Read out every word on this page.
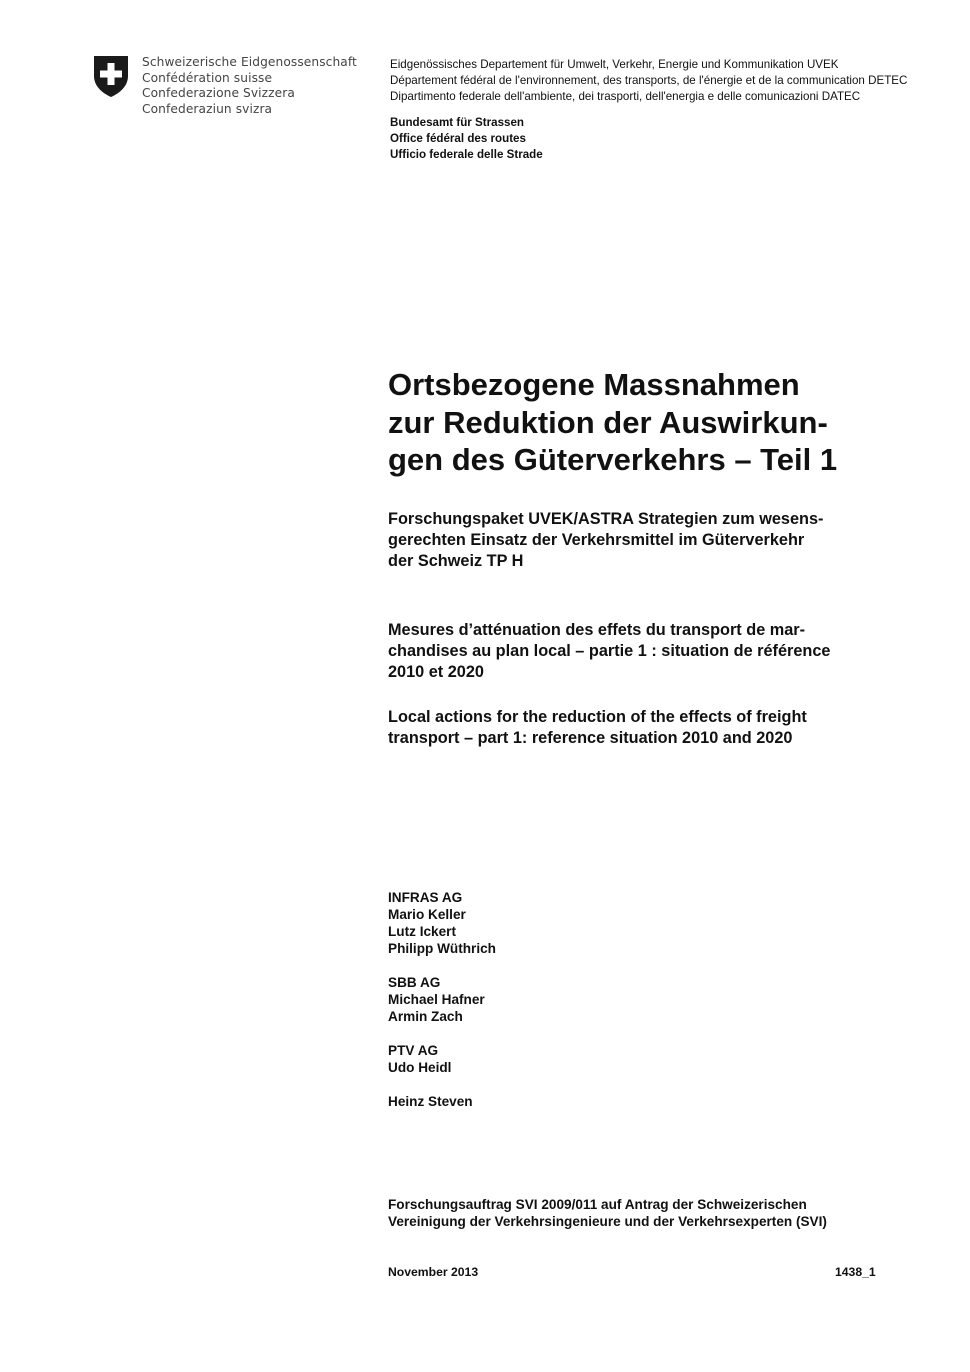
Schweizerische Eidgenossenschaft
Confédération suisse
Confederazione Svizzera
Confederaziun svizra
Eidgenössisches Departement für Umwelt, Verkehr, Energie und Kommunikation UVEK
Département fédéral de l'environnement, des transports, de l'énergie et de la communication DETEC
Dipartimento federale dell'ambiente, dei trasporti, dell'energia e delle comunicazioni DATEC
Bundesamt für Strassen
Office fédéral des routes
Ufficio federale delle Strade
Ortsbezogene Massnahmen
zur Reduktion der Auswirkun-
gen des Güterverkehrs – Teil 1
Forschungspaket UVEK/ASTRA Strategien zum wesens-
gerechten Einsatz der Verkehrsmittel im Güterverkehr
der Schweiz TP H
Mesures d’atténuation des effets du transport de mar-
chandises au plan local – partie 1 : situation de référence
2010 et 2020
Local actions for the reduction of the effects of freight
transport – part 1: reference situation 2010 and 2020
INFRAS AG
Mario Keller
Lutz Ickert
Philipp Wüthrich
SBB AG
Michael Hafner
Armin Zach
PTV AG
Udo Heidl
Heinz Steven
Forschungsauftrag SVI 2009/011 auf Antrag der Schweizerischen
Vereinigung der Verkehrsingenieure und der Verkehrsexperten (SVI)
November 2013	1438_1
